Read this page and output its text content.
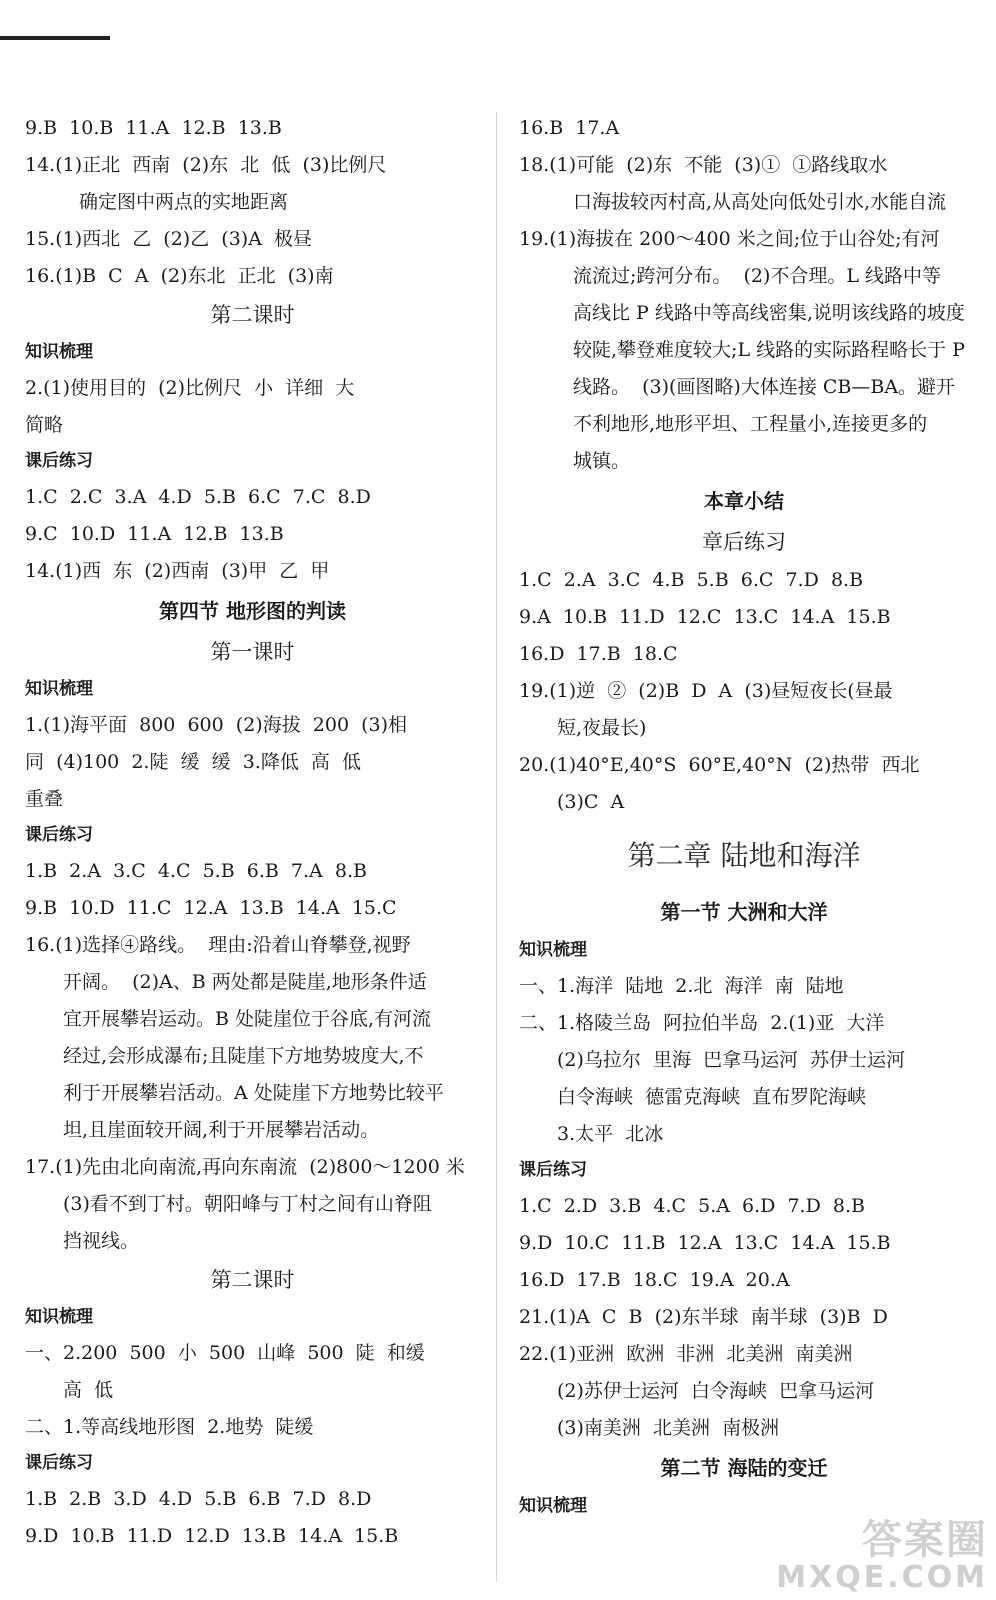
9.B  10.B  11.A  12.B  13.B
14.(1)正北  西南  (2)东  北  低  (3)比例尺
确定图中两点的实地距离
15.(1)西北  乙  (2)乙  (3)A  极昼
16.(1)B  C  A  (2)东北  正北  (3)南
第二课时
知识梳理
2.(1)使用目的  (2)比例尺  小  详细  大
简略
课后练习
1.C  2.C  3.A  4.D  5.B  6.C  7.C  8.D
9.C  10.D  11.A  12.B  13.B
14.(1)西  东  (2)西南  (3)甲  乙  甲
第四节 地形图的判读
第一课时
知识梳理
1.(1)海平面  800  600  (2)海拔  200  (3)相
同  (4)100  2.陡  缓  缓  3.降低  高  低
重叠
课后练习
1.B  2.A  3.C  4.C  5.B  6.B  7.A  8.B
9.B  10.D  11.C  12.A  13.B  14.A  15.C
16.(1)选择④路线。  理由:沿着山脊攀登,视野
开阔。  (2)A、B 两处都是陡崖,地形条件适
宜开展攀岩运动。B 处陡崖位于谷底,有河流
经过,会形成瀑布;且陡崖下方地势坡度大,不
利于开展攀岩活动。A 处陡崖下方地势比较平
坦,且崖面较开阔,利于开展攀岩活动。
17.(1)先由北向南流,再向东南流  (2)800～1200 米
(3)看不到丁村。朝阳峰与丁村之间有山脊阻
挡视线。
第二课时
知识梳理
一、2.200  500  小  500  山峰  500  陡  和缓
高  低
二、1.等高线地形图  2.地势  陡缓
课后练习
1.B  2.B  3.D  4.D  5.B  6.B  7.D  8.D
9.D  10.B  11.D  12.D  13.B  14.A  15.B
16.B  17.A
18.(1)可能  (2)东  不能  (3)①  ①路线取水
口海拔较丙村高,从高处向低处引水,水能自流
19.(1)海拔在 200～400 米之间;位于山谷处;有河
流流过;跨河分布。  (2)不合理。L 线路中等
高线比 P 线路中等高线密集,说明该线路的坡度
较陡,攀登难度较大;L 线路的实际路程略长于 P
线路。  (3)(画图略)大体连接 CB—BA。避开
不利地形,地形平坦、工程量小,连接更多的
城镇。
本章小结
章后练习
1.C  2.A  3.C  4.B  5.B  6.C  7.D  8.B
9.A  10.B  11.D  12.C  13.C  14.A  15.B
16.D  17.B  18.C
19.(1)逆  ②  (2)B  D  A  (3)昼短夜长(昼最
短,夜最长)
20.(1)40°E,40°S  60°E,40°N  (2)热带  西北
(3)C  A
第二章 陆地和海洋
第一节 大洲和大洋
知识梳理
一、1.海洋  陆地  2.北  海洋  南  陆地
二、1.格陵兰岛  阿拉伯半岛  2.(1)亚  大洋
(2)乌拉尔  里海  巴拿马运河  苏伊士运河
白令海峡  德雷克海峡  直布罗陀海峡
3.太平  北冰
课后练习
1.C  2.D  3.B  4.C  5.A  6.D  7.D  8.B
9.D  10.C  11.B  12.A  13.C  14.A  15.B
16.D  17.B  18.C  19.A  20.A
21.(1)A  C  B  (2)东半球  南半球  (3)B  D
22.(1)亚洲  欧洲  非洲  北美洲  南美洲
(2)苏伊士运河  白令海峡  巴拿马运河
(3)南美洲  北美洲  南极洲
第二节 海陆的变迁
知识梳理
答案圈
MXQE.COM
